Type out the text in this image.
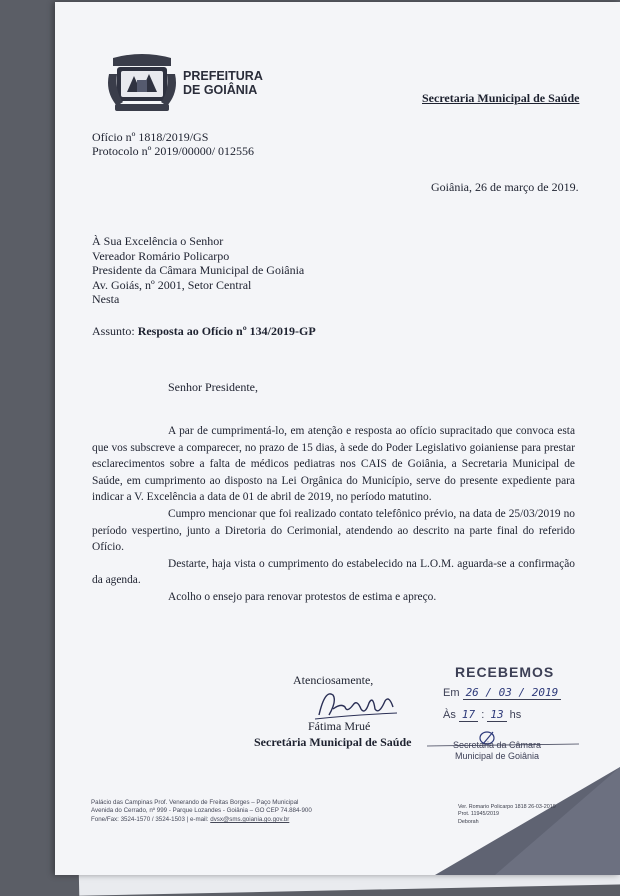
PREFEITURA
DE GOIÂNIA
Secretaria Municipal de Saúde
Ofício nº 1818/2019/GS
Protocolo nº 2019/00000/ 012556
Goiânia, 26 de março de 2019.
À Sua Excelência o Senhor
Vereador Romário Policarpo
Presidente da Câmara Municipal de Goiânia
Av. Goiás, nº 2001, Setor Central
Nesta
Assunto: Resposta ao Ofício nº 134/2019-GP
Senhor Presidente,

A par de cumprimentá-lo, em atenção e resposta ao ofício supracitado que convoca esta que vos subscreve a comparecer, no prazo de 15 dias, à sede do Poder Legislativo goianiense para prestar esclarecimentos sobre a falta de médicos pediatras nos CAIS de Goiânia, a Secretaria Municipal de Saúde, em cumprimento ao disposto na Lei Orgânica do Município, serve do presente expediente para indicar a V. Excelência a data de 01 de abril de 2019, no período matutino.

Cumpro mencionar que foi realizado contato telefônico prévio, na data de 25/03/2019 no período vespertino, junto a Diretoria do Cerimonial, atendendo ao descrito na parte final do referido Ofício.

Destarte, haja vista o cumprimento do estabelecido na L.O.M. aguarda-se a confirmação da agenda.

Acolho o ensejo para renovar protestos de estima e apreço.

Atenciosamente,
Fátima Mrué
Secretária Municipal de Saúde
RECEBEMOS
Em 26 / 03 / 2019
Às 17 : 13 hs
Secretaria da Câmara
Municipal de Goiânia
Palácio das Campinas Prof. Venerando de Freitas Borges – Paço Municipal
Avenida do Cerrado, nº 999 - Parque Lozandes - Goiânia – GO CEP 74.884-900
Fone/Fax: 3524-1570 / 3524-1503 | e-mail: dvsx@sms.goiania.go.gov.br
Ver. Romario Policarpo 1818 26-03-2019
Prot. 11945/2019
Deborah
